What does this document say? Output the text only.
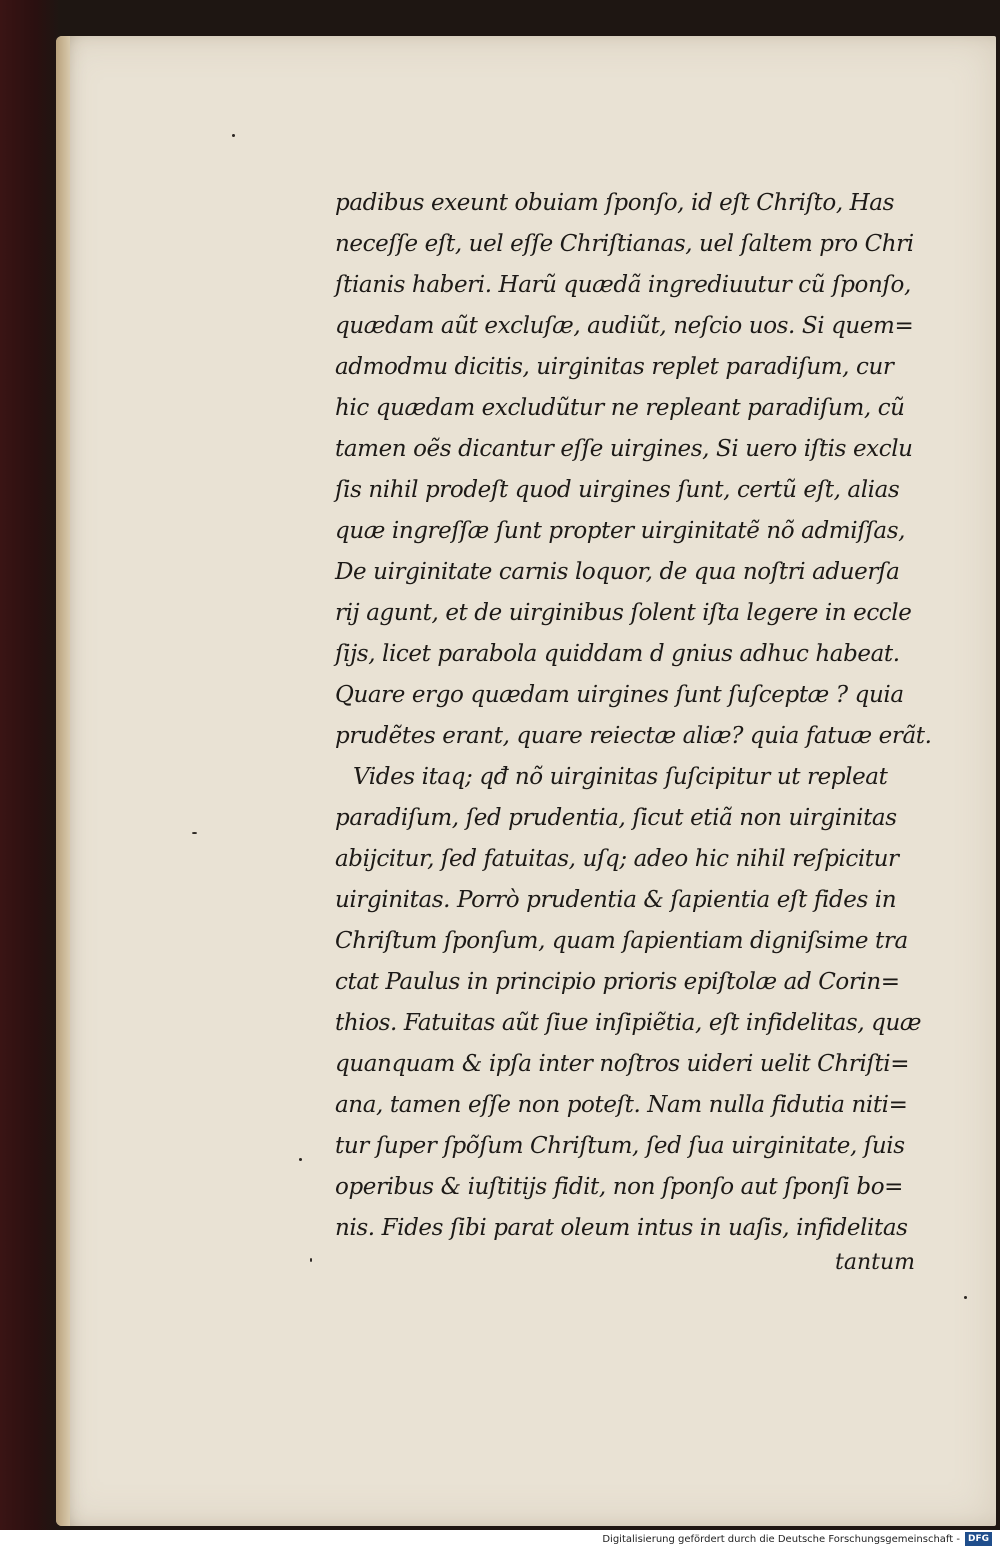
padibus exeunt obuiam ſponſo, id eſt Chriſto, Has

neceſſe eſt, uel eſſe Chriſtianas, uel ſaltem pro Chri

ſtianis haberi. Harũ quædã ingrediuutur cũ ſponſo,

quædam aũt excluſæ, audiũt, neſcio uos. Si quem=

admodmu dicitis, uirginitas replet paradiſum, cur

hic quædam excludũtur ne repleant paradiſum, cũ

tamen oẽs dicantur eſſe uirgines, Si uero iſtis exclu

ſis nihil prodeſt quod uirgines ſunt, certũ eſt, alias

quæ ingreſſæ ſunt propter uirginitatẽ nõ admiſſas,

De uirginitate carnis loquor, de qua noſtri aduerſa

rij agunt, et de uirginibus ſolent iſta legere in eccle

ſijs, licet parabola quiddam d gnius adhuc habeat.

Quare ergo quædam uirgines ſunt ſuſceptæ ? quia

prudẽtes erant, quare reiectæ aliæ? quia fatuæ erãt.

Vides itaq; qđ nõ uirginitas ſuſcipitur ut repleat

paradiſum, ſed prudentia, ſicut etiã non uirginitas

abijcitur, ſed fatuitas, uſq; adeo hic nihil reſpicitur

uirginitas. Porrò prudentia & ſapientia eſt fides in

Chriſtum ſponſum, quam ſapientiam digniſsime tra

ctat Paulus in principio prioris epiſtolæ ad Corin=

thios. Fatuitas aũt ſiue inſipiẽtia, eſt infidelitas, quæ

quanquam & ipſa inter noſtros uideri uelit Chriſti=

ana, tamen eſſe non poteſt. Nam nulla fidutia niti=

tur ſuper ſpõſum Chriſtum, ſed ſua uirginitate, ſuis

operibus & iuſtitijs fidit, non ſponſo aut ſponſi bo=

nis. Fides ſibi parat oleum intus in uaſis, infidelitas

tantum

Digitalisierung gefördert durch die Deutsche Forschungsgemeinschaft - DFG
